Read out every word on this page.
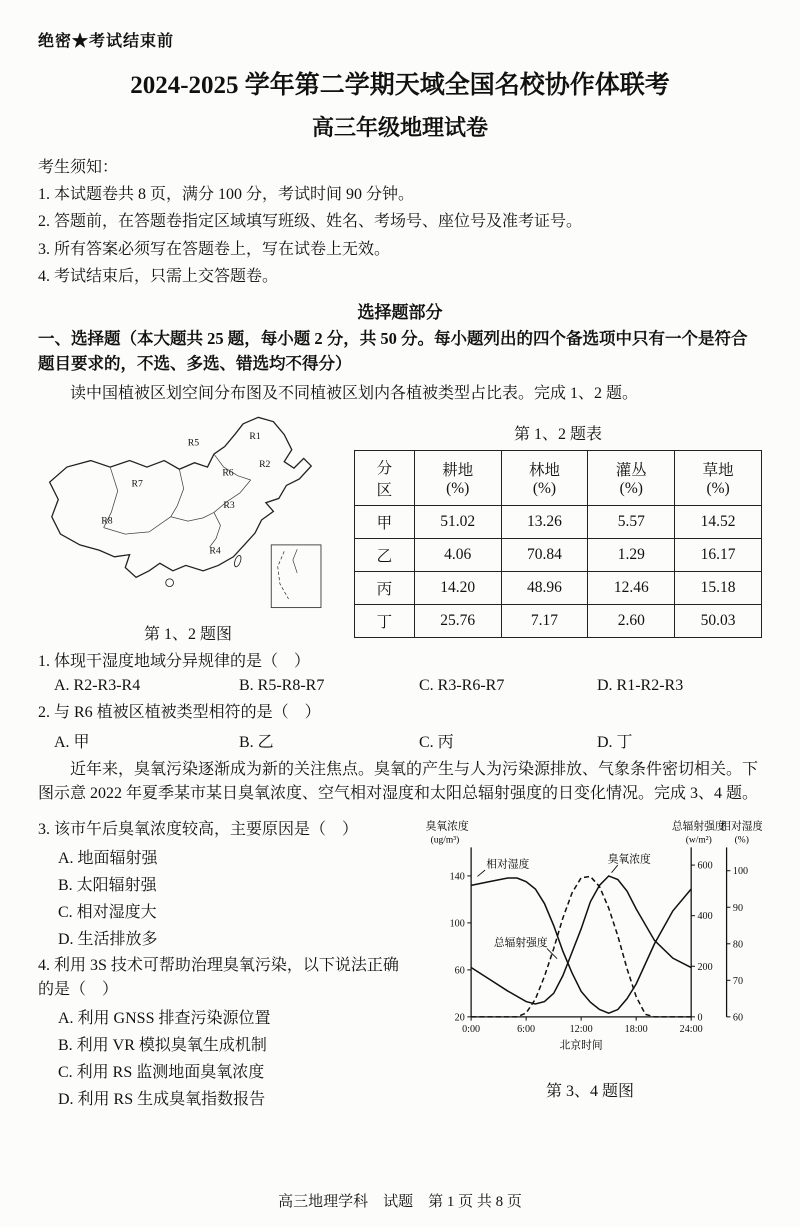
绝密★考试结束前
2024-2025 学年第二学期天域全国名校协作体联考
高三年级地理试卷

考生须知：

1. 本试题卷共 8 页，满分 100 分，考试时间 90 分钟。

2. 答题前，在答题卷指定区域填写班级、姓名、考场号、座位号及准考证号。

3. 所有答案必须写在答题卷上，写在试卷上无效。

4. 考试结束后，只需上交答题卷。

选择题部分
一、选择题（本大题共 25 题，每小题 2 分，共 50 分。每小题列出的四个备选项中只有一个是符合题目要求的，不选、多选、错选均不得分）

读中国植被区划空间分布图及不同植被区划内各植被类型占比表。完成 1、2 题。

R1
R2
R3
R4
R5
R6
R7
R8
第 1、2 题图
第 1、2 题表
分区	耕地 (%)	林地 (%)	灌丛 (%)	草地 (%)
甲	51.02	13.26	5.57	14.52
乙	4.06	70.84	1.29	16.17
丙	14.20	48.96	12.46	15.18
丁	25.76	7.17	2.60	50.03

1. 体现干湿度地域分异规律的是（　）

A. R2-R3-R4	B. R5-R8-R7	C. R3-R6-R7	D. R1-R2-R3

2. 与 R6 植被区植被类型相符的是（　）

A. 甲	B. 乙	C. 丙	D. 丁

近年来，臭氧污染逐渐成为新的关注焦点。臭氧的产生与人为污染源排放、气象条件密切相关。下图示意 2022 年夏季某市某日臭氧浓度、空气相对湿度和太阳总辐射强度的日变化情况。完成 3、4 题。

3. 该市午后臭氧浓度较高，主要原因是（　）

A. 地面辐射强

B. 太阳辐射强

C. 相对湿度大

D. 生活排放多

4. 利用 3S 技术可帮助治理臭氧污染，以下说法正确的是（　）

A. 利用 GNSS 排查污染源位置

B. 利用 VR 模拟臭氧生成机制

C. 利用 RS 监测地面臭氧浓度

D. 利用 RS 生成臭氧指数报告

臭氧浓度
(ug/m³)
总辐射强度
(w/m²)
相对湿度
(%)
相对湿度	臭氧浓度
总辐射强度
北京时间
20
60
100
140
0
200
400
600
60
70
80
90
100
0:00	6:00	12:00	18:00	24:00
第 3、4 题图
高三地理学科　试题　第 1 页 共 8 页
